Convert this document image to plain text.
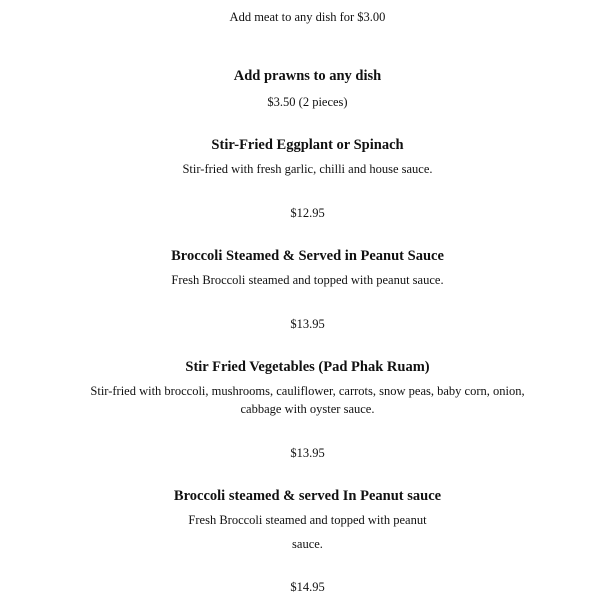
Add meat to any dish for $3.00
Add prawns to any dish
$3.50 (2 pieces)
Stir-Fried Eggplant or Spinach
Stir-fried with fresh garlic, chilli and house sauce.
$12.95
Broccoli Steamed & Served in Peanut Sauce
Fresh Broccoli steamed and topped with peanut sauce.
$13.95
Stir Fried Vegetables (Pad Phak Ruam)
Stir-fried with broccoli, mushrooms, cauliflower, carrots, snow peas, baby corn, onion,
cabbage with oyster sauce.
$13.95
Broccoli steamed & served In Peanut sauce
Fresh Broccoli steamed and topped with peanut
sauce.
$14.95
